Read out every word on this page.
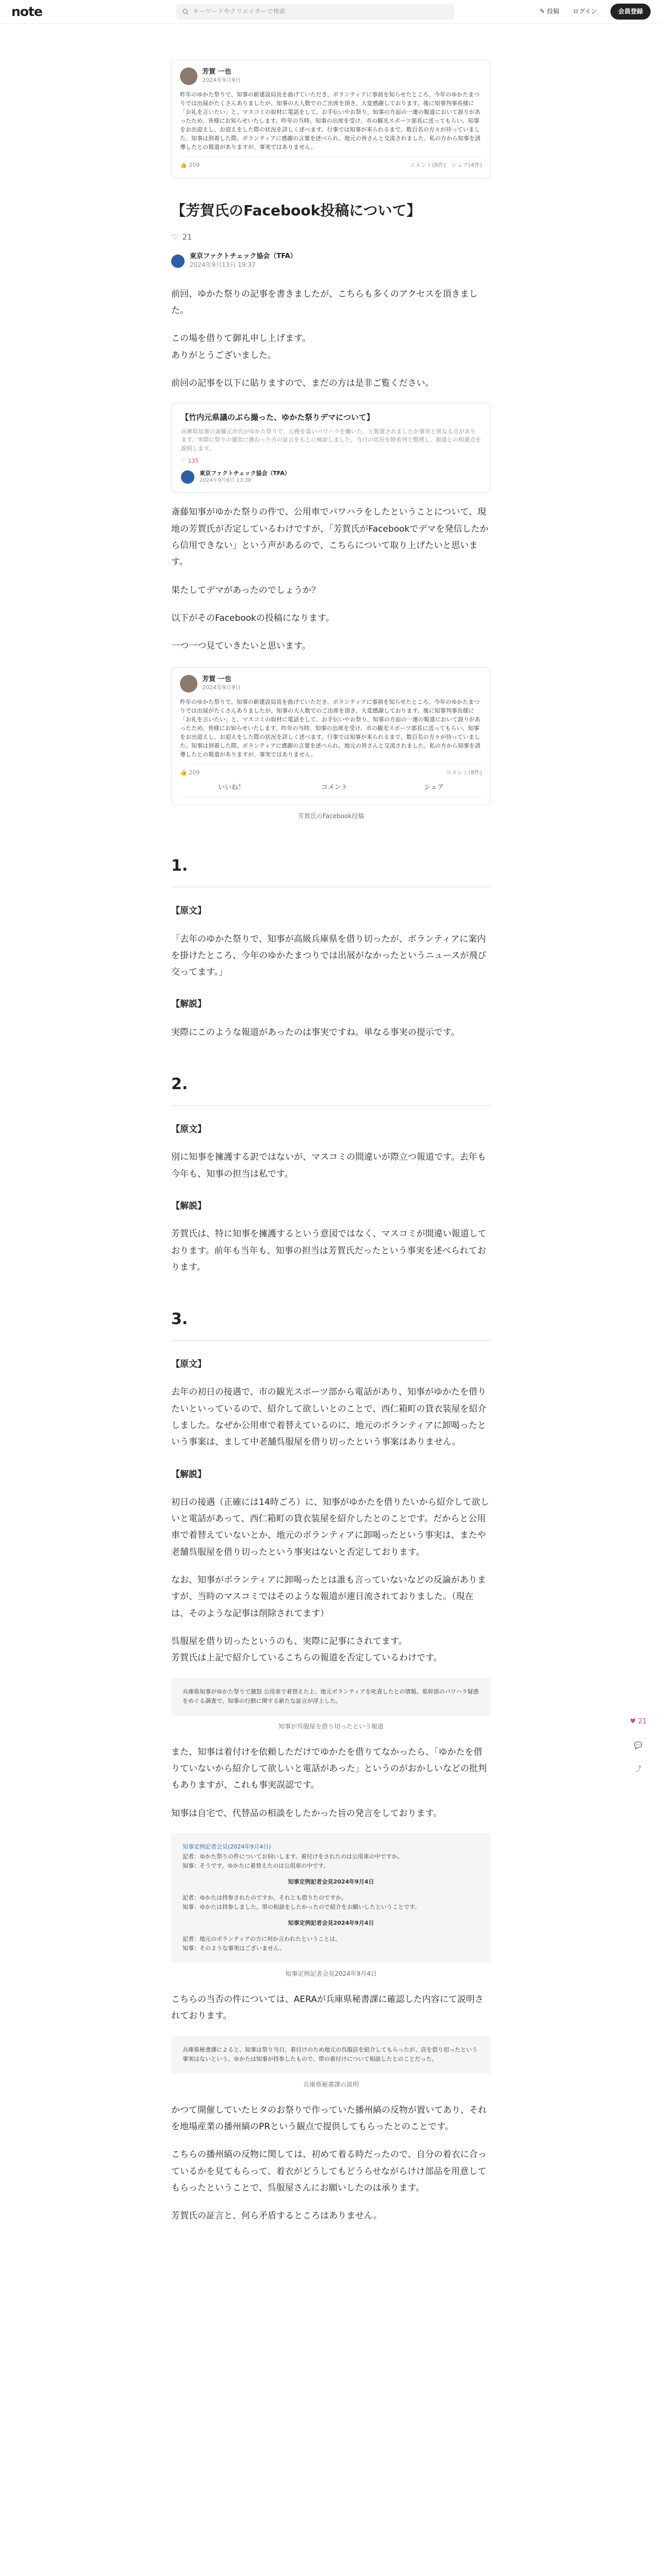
note	キーワードやクリエイターで検索	✎ 投稿 ログイン	会員登録
芳賀 一也
2024年9月9日
昨年のゆかた祭りで、知事の新建設局長を曲げていただき、ボランティアに事前を知らせたところ、今年のゆかたまつりでは出展がたくさんありましたが、知事の大人数でのご出席を頂き、大変感謝しております。後に知事判事長様に「お礼を言いたい」と、マスコミの取材に電話をして、お手伝いやお祭り、知事の方面の一連の報道において誤りがあったため、皆様にお知らせいたします。昨年の当時、知事の出席を受け、市の観光スポーツ部長に送ってもらい、知事をお出迎えし、お迎えをした際の状況を詳しく述べます。行事では知事が来られるまで、数百名の方々が待っていました。知事は到着した際、ボランティアに感謝の言葉を述べられ、地元の皆さんと交流されました。私の方から知事を誘導したとの報道がありますが、事実ではありません。
👍 209	コメント(8件)　 シェア(4件)
【芳賀氏のFacebook投稿について】
♡ 21
東京ファクトチェック協会（TFA）
2024年9月13日 19:37

前回、ゆかた祭りの記事を書きましたが、こちらも多くのアクセスを頂きました。

この場を借りて御礼申し上げます。
ありがとうございました。

前回の記事を以下に貼りますので、まだの方は是非ご覧ください。

【竹内元県議のぶら撮った、ゆかた祭りデマについて】
兵庫県知事の斎藤元彦氏がゆかた祭りで、公務を装いパワハラを働いた、と報道されましたが事実と異なる点があります。実際に祭りの運営に携わった方の証言をもとに検証しました。当日の状況を時系列で整理し、報道との相違点を説明します。
♡ 135
東京ファクトチェック協会（TFA）
2024年9月8日 13:38

斎藤知事がゆかた祭りの件で、公用車でパワハラをしたということについて、現地の芳賀氏が否定しているわけですが、「芳賀氏がFacebookでデマを発信したから信用できない」という声があるので、こちらについて取り上げたいと思います。

果たしてデマがあったのでしょうか？

以下がそのFacebookの投稿になります。

一つ一つ見ていきたいと思います。

芳賀 一也
2024年9月9日
昨年のゆかた祭りで、知事の新建設局長を曲げていただき、ボランティアに事前を知らせたところ、今年のゆかたまつりでは出展がたくさんありましたが、知事の大人数でのご出席を頂き、大変感謝しております。後に知事判事長様に「お礼を言いたい」と、マスコミの取材に電話をして、お手伝いやお祭り、知事の方面の一連の報道において誤りがあったため、皆様にお知らせいたします。昨年の当時、知事の出席を受け、市の観光スポーツ部長に送ってもらい、知事をお出迎えし、お迎えをした際の状況を詳しく述べます。行事では知事が来られるまで、数百名の方々が待っていました。知事は到着した際、ボランティアに感謝の言葉を述べられ、地元の皆さんと交流されました。私の方から知事を誘導したとの報道がありますが、事実ではありません。
👍 209	コメント(8件)
いいね！	コメント	シェア
芳賀氏のFacebook投稿
1.
【原文】

「去年のゆかた祭りで、知事が高級兵庫県を借り切ったが、ボランティアに案内を掛けたところ、今年のゆかたまつりでは出展がなかったというニュースが飛び交ってます。」

【解説】

実際にこのような報道があったのは事実ですね。単なる事実の提示です。

2.
【原文】

別に知事を擁護する訳ではないが、マスコミの間違いが際立つ報道です。去年も今年も、知事の担当は私です。

【解説】

芳賀氏は、特に知事を擁護するという意図ではなく、マスコミが間違い報道しております。前年も当年も、知事の担当は芳賀氏だったという事実を述べられております。

3.
【原文】

去年の初日の接遇で、市の観光スポーツ部から電話があり、知事がゆかたを借りたいといっているので、紹介して欲しいとのことで、西仁箱町の貸衣装屋を紹介しました。なぜか公用車で着替えているのに、地元のボランティアに卸喝ったという事案は、まして中老舗呉服屋を借り切ったという事案はありません。

【解説】

初日の接遇（正確には14時ごろ）に、知事がゆかたを借りたいから紹介して欲しいと電話があって、西仁箱町の貸衣装屋を紹介したとのことです。だからと公用車で着替えていないとか、地元のボランティアに卸喝ったという事実は、またや老舗呉服屋を借り切ったという事実はないと否定しております。

なお、知事がボランティアに卸喝ったとは誰も言っていないなどの反論がありますが、当時のマスコミではそのような報道が連日流されておりました。（現在は、そのような記事は削除されてます）

呉服屋を借り切ったというのも、実際に記事にされてます。
芳賀氏は上記で紹介しているこちらの報道を否定しているわけです。

兵庫県知事がゆかた祭りで激怒 公用車で着替えた上、地元ボランティアを叱責したとの情報。県幹部のパワハラ疑惑をめぐる調査で、知事の行動に関する新たな証言が浮上した。
知事が呉服屋を借り切ったという報道

また、知事は着付けを依頼しただけでゆかたを借りてなかったら、「ゆかたを借りていないから紹介して欲しいと電話があった」というのがおかしいなどの批判もありますが、これも事実誤認です。

知事は自宅で、代替品の相談をしたかった旨の発言をしております。

知事定例記者会見(2024年9月4日)
記者：ゆかた祭りの件についてお伺いします。着付けをされたのは公用車の中ですか。
知事：そうです。ゆかたに着替えたのは公用車の中です。
知事定例記者会見2024年9月4日
記者：ゆかたは持参されたのですか、それとも借りたのですか。
知事：ゆかたは持参しました。帯の相談をしたかったので紹介をお願いしたということです。
知事定例記者会見2024年9月4日
記者：地元のボランティアの方に何か言われたということは。
知事：そのような事実はございません。
知事定例記者会見2024年9月4日

こちらの当否の件については、AERAが兵庫県秘書課に確認した内容にて説明されております。

兵庫県秘書課によると、知事は祭り当日、着付けのため地元の呉服店を紹介してもらったが、店を借り切ったという事実はないという。ゆかたは知事が持参したもので、帯の着付けについて相談したとのことだった。
兵庫県秘書課の説明

かつて開催していたヒタのお祭りで作っていた播州縞の反物が置いてあり、それを地場産業の播州縞のPRという観点で提供してもらったとのことです。

こちらの播州縞の反物に関しては、初めて着る時だったので、自分の着衣に合っているかを見てもらって、着衣がどうしてもどうらせながらけけ部品を用意してもらったということで、呉服屋さんにお願いしたのは承ります。

芳賀氏の証言と、何ら矛盾するところはありません。

♥ 21
💬
⤴
